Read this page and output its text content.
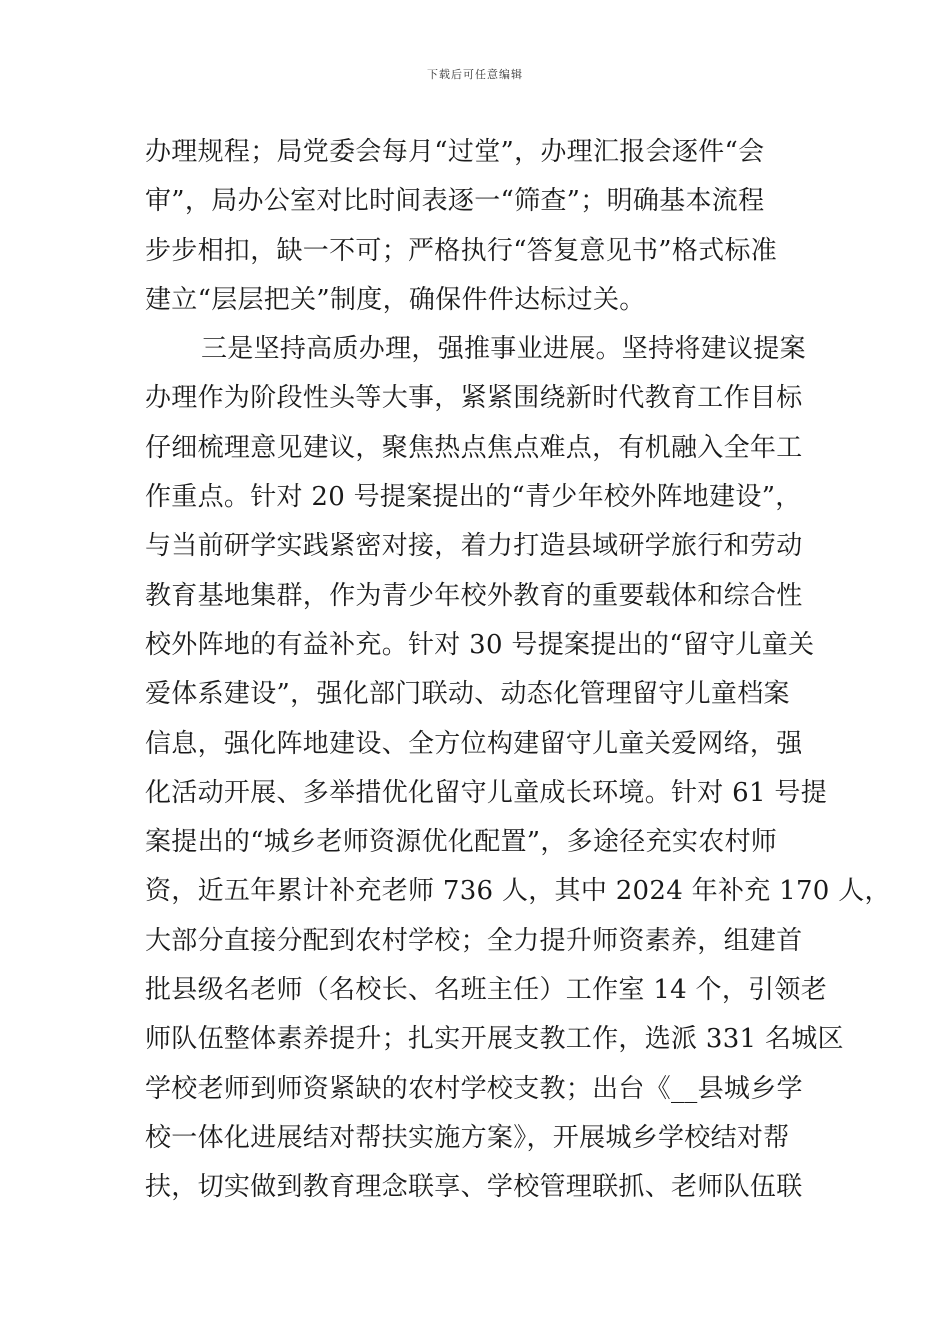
下载后可任意编辑
办理规程；局党委会每月“过堂”，办理汇报会逐件“会
审”，局办公室对比时间表逐一“筛查”；明确基本流程
步步相扣，缺一不可；严格执行“答复意见书”格式标准
建立“层层把关”制度，确保件件达标过关。
三是坚持高质办理，强推事业进展。坚持将建议提案
办理作为阶段性头等大事，紧紧围绕新时代教育工作目标
仔细梳理意见建议，聚焦热点焦点难点，有机融入全年工
作重点。针对 20 号提案提出的“青少年校外阵地建设”，
与当前研学实践紧密对接，着力打造县域研学旅行和劳动
教育基地集群，作为青少年校外教育的重要载体和综合性
校外阵地的有益补充。针对 30 号提案提出的“留守儿童关
爱体系建设”，强化部门联动、动态化管理留守儿童档案
信息，强化阵地建设、全方位构建留守儿童关爱网络，强
化活动开展、多举措优化留守儿童成长环境。针对 61 号提
案提出的“城乡老师资源优化配置”，多途径充实农村师
资，近五年累计补充老师 736 人，其中 2024 年补充 170 人，
大部分直接分配到农村学校；全力提升师资素养，组建首
批县级名老师（名校长、名班主任）工作室 14 个，引领老
师队伍整体素养提升；扎实开展支教工作，选派 331 名城区
学校老师到师资紧缺的农村学校支教；出台《__县城乡学
校一体化进展结对帮扶实施方案》，开展城乡学校结对帮
扶，切实做到教育理念联享、学校管理联抓、老师队伍联
